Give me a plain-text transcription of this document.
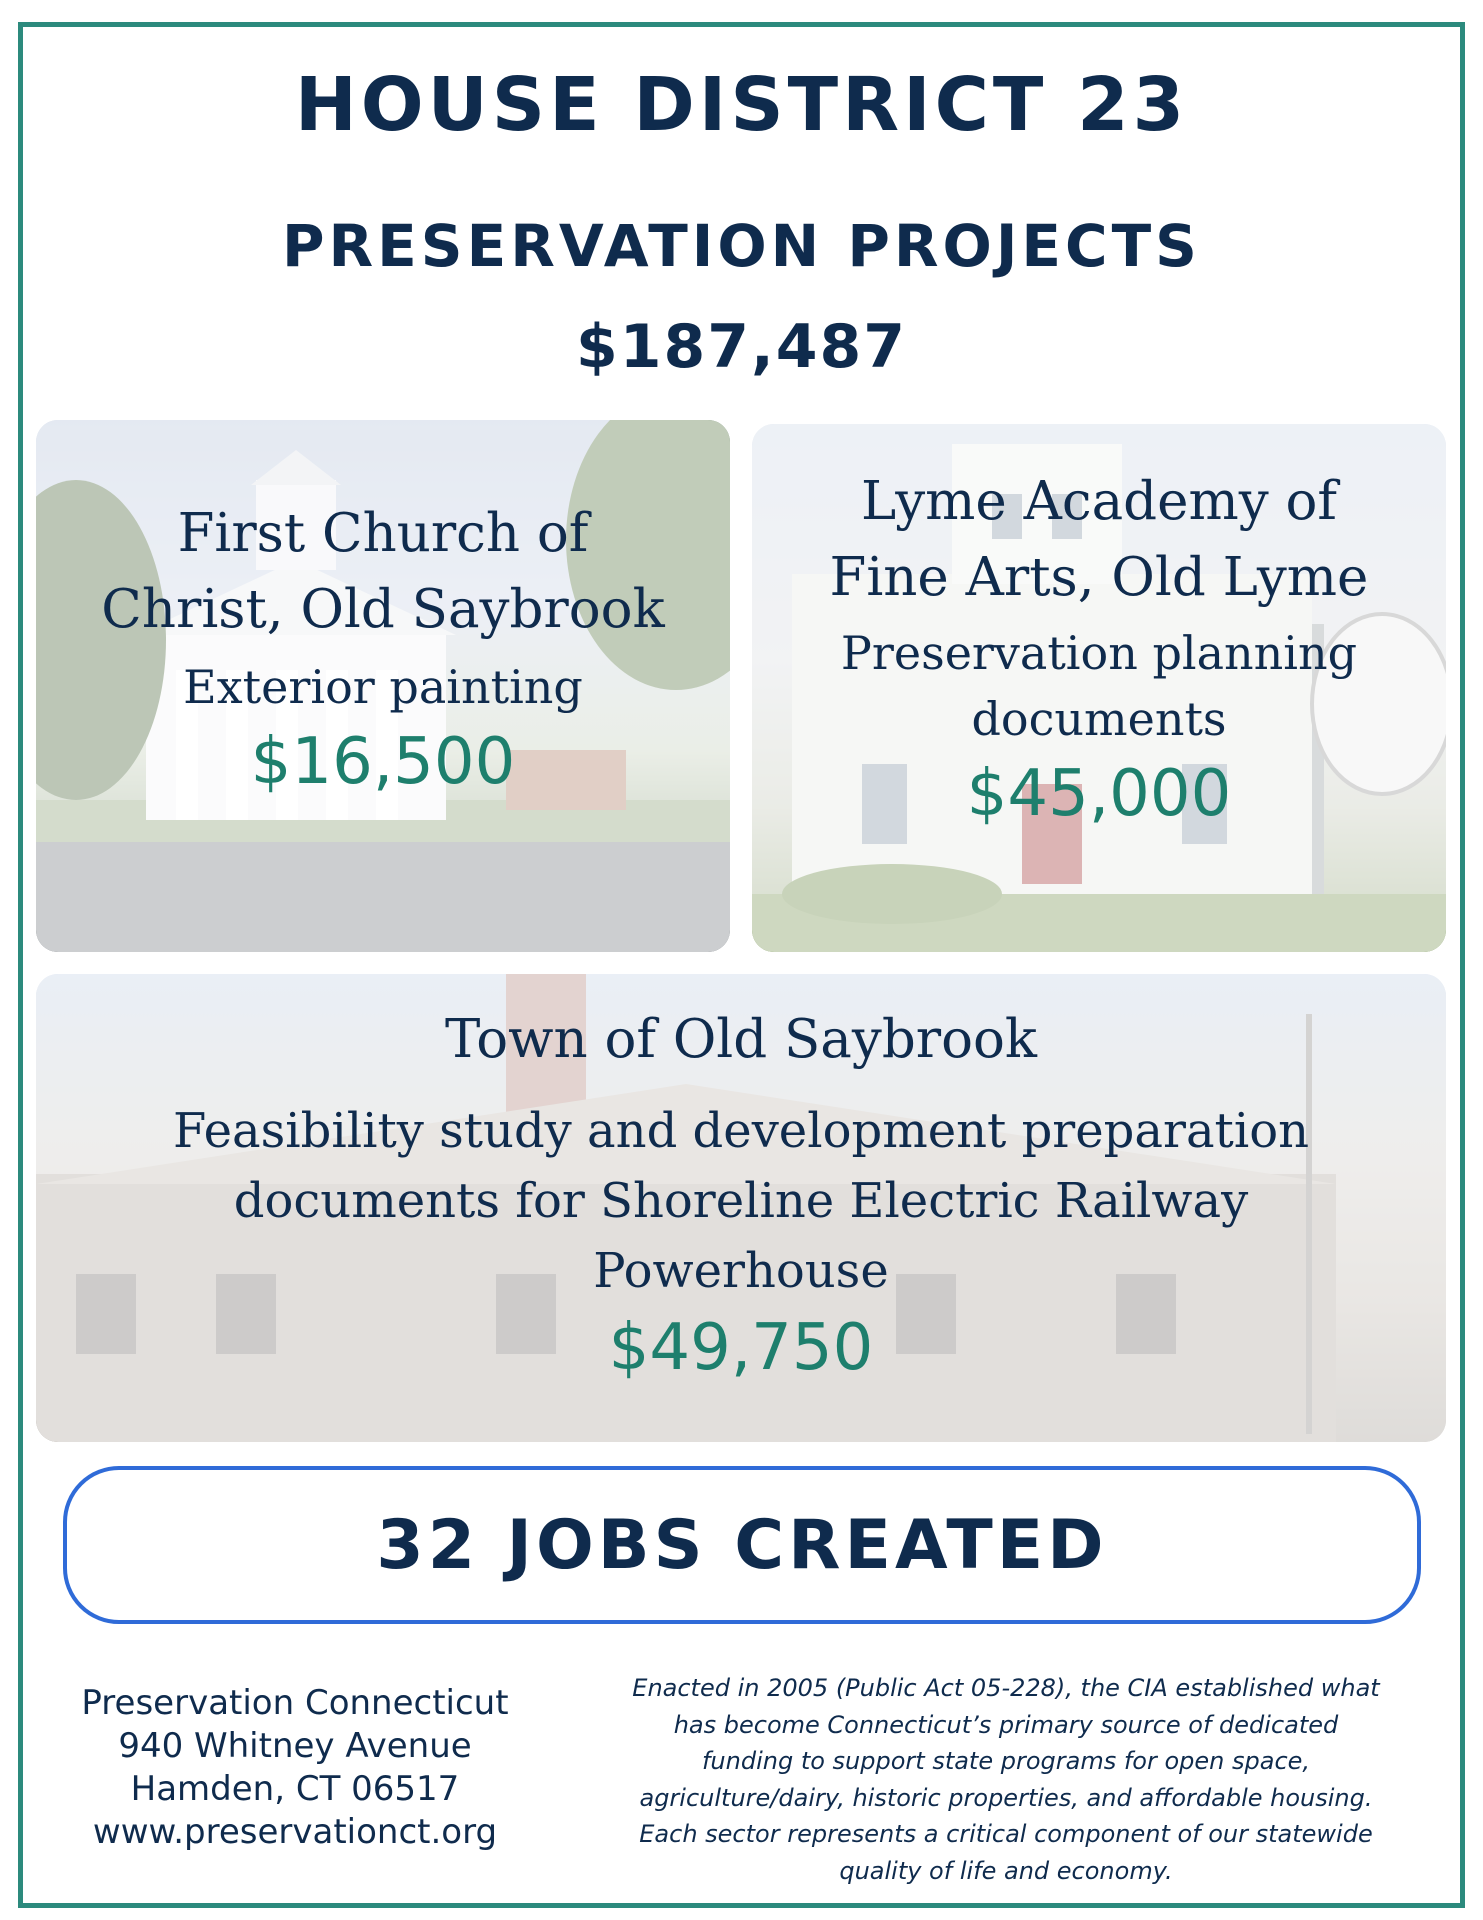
HOUSE DISTRICT 23
PRESERVATION PROJECTS
$187,487
First Church of
Christ, Old Saybrook
Exterior painting
$16,500
Lyme Academy of
Fine Arts, Old Lyme
Preservation planning
documents
$45,000
Town of Old Saybrook
Feasibility study and development preparation
documents for Shoreline Electric Railway
Powerhouse
$49,750
32 JOBS CREATED
Preservation Connecticut
940 Whitney Avenue
Hamden, CT 06517
www.preservationct.org
Enacted in 2005 (Public Act 05-228), the CIA established what
has become Connecticut’s primary source of dedicated
funding to support state programs for open space,
agriculture/dairy, historic properties, and affordable housing.
Each sector represents a critical component of our statewide
quality of life and economy.
